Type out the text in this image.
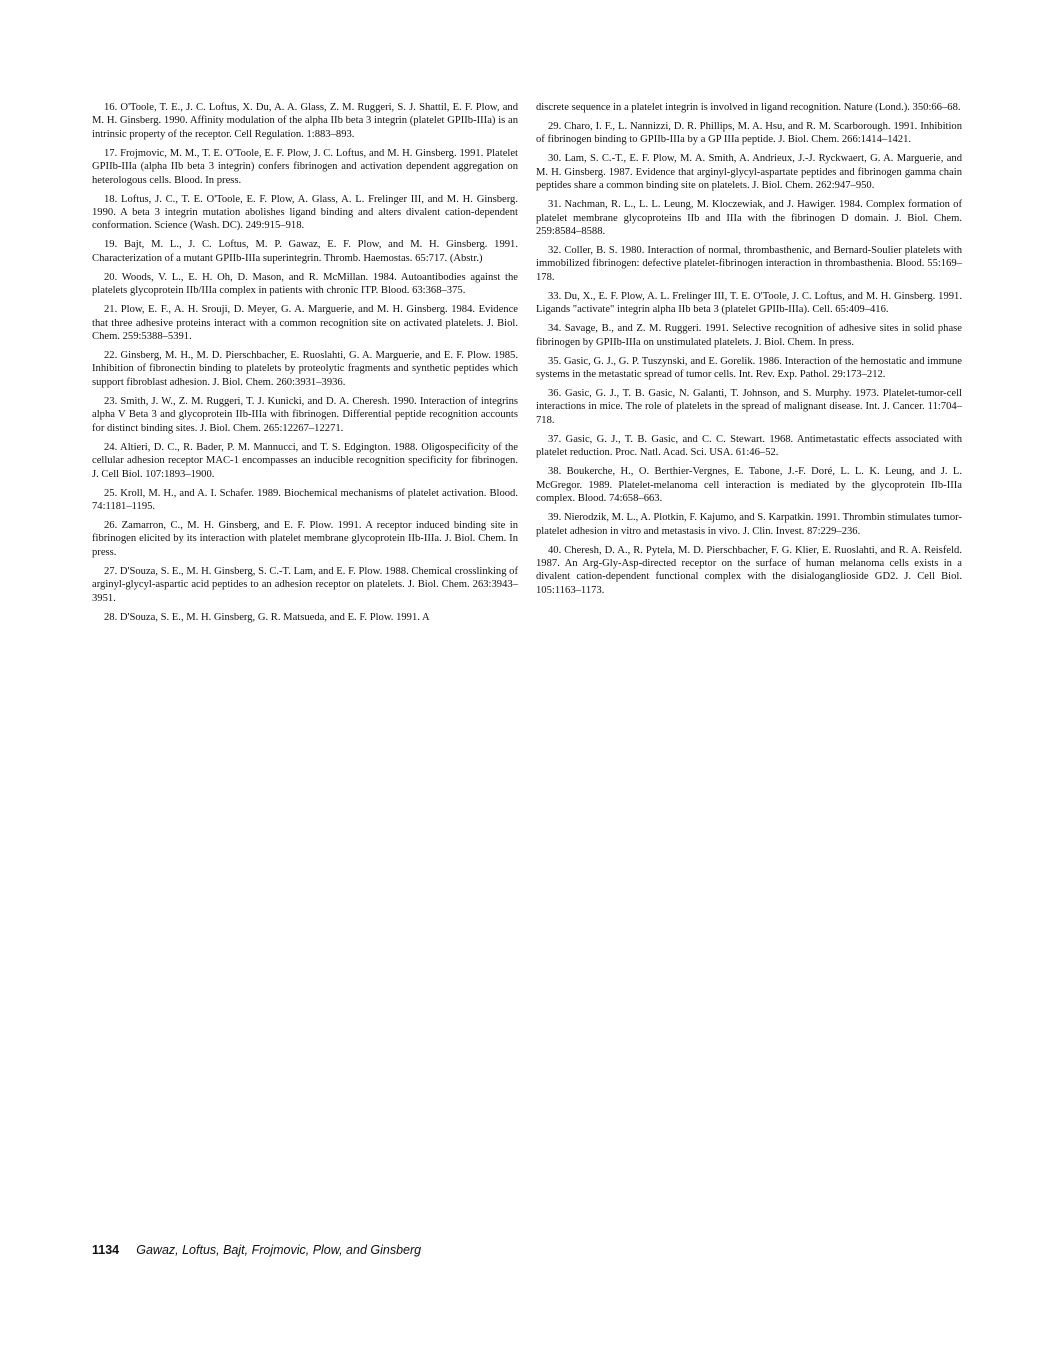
16. O'Toole, T. E., J. C. Loftus, X. Du, A. A. Glass, Z. M. Ruggeri, S. J. Shattil, E. F. Plow, and M. H. Ginsberg. 1990. Affinity modulation of the alpha IIb beta 3 integrin (platelet GPIIb-IIIa) is an intrinsic property of the receptor. Cell Regulation. 1:883–893.

17. Frojmovic, M. M., T. E. O'Toole, E. F. Plow, J. C. Loftus, and M. H. Ginsberg. 1991. Platelet GPIIb-IIIa (alpha IIb beta 3 integrin) confers fibrinogen and activation dependent aggregation on heterologous cells. Blood. In press.

18. Loftus, J. C., T. E. O'Toole, E. F. Plow, A. Glass, A. L. Frelinger III, and M. H. Ginsberg. 1990. A beta 3 integrin mutation abolishes ligand binding and alters divalent cation-dependent conformation. Science (Wash. DC). 249:915–918.

19. Bajt, M. L., J. C. Loftus, M. P. Gawaz, E. F. Plow, and M. H. Ginsberg. 1991. Characterization of a mutant GPIIb-IIIa superintegrin. Thromb. Haemostas. 65:717. (Abstr.)

20. Woods, V. L., E. H. Oh, D. Mason, and R. McMillan. 1984. Autoantibodies against the platelets glycoprotein IIb/IIIa complex in patients with chronic ITP. Blood. 63:368–375.

21. Plow, E. F., A. H. Srouji, D. Meyer, G. A. Marguerie, and M. H. Ginsberg. 1984. Evidence that three adhesive proteins interact with a common recognition site on activated platelets. J. Biol. Chem. 259:5388–5391.

22. Ginsberg, M. H., M. D. Pierschbacher, E. Ruoslahti, G. A. Marguerie, and E. F. Plow. 1985. Inhibition of fibronectin binding to platelets by proteolytic fragments and synthetic peptides which support fibroblast adhesion. J. Biol. Chem. 260:3931–3936.

23. Smith, J. W., Z. M. Ruggeri, T. J. Kunicki, and D. A. Cheresh. 1990. Interaction of integrins alpha V Beta 3 and glycoprotein IIb-IIIa with fibrinogen. Differential peptide recognition accounts for distinct binding sites. J. Biol. Chem. 265:12267–12271.

24. Altieri, D. C., R. Bader, P. M. Mannucci, and T. S. Edgington. 1988. Oligospecificity of the cellular adhesion receptor MAC-1 encompasses an inducible recognition specificity for fibrinogen. J. Cell Biol. 107:1893–1900.

25. Kroll, M. H., and A. I. Schafer. 1989. Biochemical mechanisms of platelet activation. Blood. 74:1181–1195.

26. Zamarron, C., M. H. Ginsberg, and E. F. Plow. 1991. A receptor induced binding site in fibrinogen elicited by its interaction with platelet membrane glycoprotein IIb-IIIa. J. Biol. Chem. In press.

27. D'Souza, S. E., M. H. Ginsberg, S. C.-T. Lam, and E. F. Plow. 1988. Chemical crosslinking of arginyl-glycyl-aspartic acid peptides to an adhesion receptor on platelets. J. Biol. Chem. 263:3943–3951.

28. D'Souza, S. E., M. H. Ginsberg, G. R. Matsueda, and E. F. Plow. 1991. A

discrete sequence in a platelet integrin is involved in ligand recognition. Nature (Lond.). 350:66–68.

29. Charo, I. F., L. Nannizzi, D. R. Phillips, M. A. Hsu, and R. M. Scarborough. 1991. Inhibition of fibrinogen binding to GPIIb-IIIa by a GP IIIa peptide. J. Biol. Chem. 266:1414–1421.

30. Lam, S. C.-T., E. F. Plow, M. A. Smith, A. Andrieux, J.-J. Ryckwaert, G. A. Marguerie, and M. H. Ginsberg. 1987. Evidence that arginyl-glycyl-aspartate peptides and fibrinogen gamma chain peptides share a common binding site on platelets. J. Biol. Chem. 262:947–950.

31. Nachman, R. L., L. L. Leung, M. Kloczewiak, and J. Hawiger. 1984. Complex formation of platelet membrane glycoproteins IIb and IIIa with the fibrinogen D domain. J. Biol. Chem. 259:8584–8588.

32. Coller, B. S. 1980. Interaction of normal, thrombasthenic, and Bernard-Soulier platelets with immobilized fibrinogen: defective platelet-fibrinogen interaction in thrombasthenia. Blood. 55:169–178.

33. Du, X., E. F. Plow, A. L. Frelinger III, T. E. O'Toole, J. C. Loftus, and M. H. Ginsberg. 1991. Ligands "activate" integrin alpha IIb beta 3 (platelet GPIIb-IIIa). Cell. 65:409–416.

34. Savage, B., and Z. M. Ruggeri. 1991. Selective recognition of adhesive sites in solid phase fibrinogen by GPIIb-IIIa on unstimulated platelets. J. Biol. Chem. In press.

35. Gasic, G. J., G. P. Tuszynski, and E. Gorelik. 1986. Interaction of the hemostatic and immune systems in the metastatic spread of tumor cells. Int. Rev. Exp. Pathol. 29:173–212.

36. Gasic, G. J., T. B. Gasic, N. Galanti, T. Johnson, and S. Murphy. 1973. Platelet-tumor-cell interactions in mice. The role of platelets in the spread of malignant disease. Int. J. Cancer. 11:704–718.

37. Gasic, G. J., T. B. Gasic, and C. C. Stewart. 1968. Antimetastatic effects associated with platelet reduction. Proc. Natl. Acad. Sci. USA. 61:46–52.

38. Boukerche, H., O. Berthier-Vergnes, E. Tabone, J.-F. Doré, L. L. K. Leung, and J. L. McGregor. 1989. Platelet-melanoma cell interaction is mediated by the glycoprotein IIb-IIIa complex. Blood. 74:658–663.

39. Nierodzik, M. L., A. Plotkin, F. Kajumo, and S. Karpatkin. 1991. Thrombin stimulates tumor-platelet adhesion in vitro and metastasis in vivo. J. Clin. Invest. 87:229–236.

40. Cheresh, D. A., R. Pytela, M. D. Pierschbacher, F. G. Klier, E. Ruoslahti, and R. A. Reisfeld. 1987. An Arg-Gly-Asp-directed receptor on the surface of human melanoma cells exists in a divalent cation-dependent functional complex with the disialoganglioside GD2. J. Cell Biol. 105:1163–1173.

1134 Gawaz, Loftus, Bajt, Frojmovic, Plow, and Ginsberg
